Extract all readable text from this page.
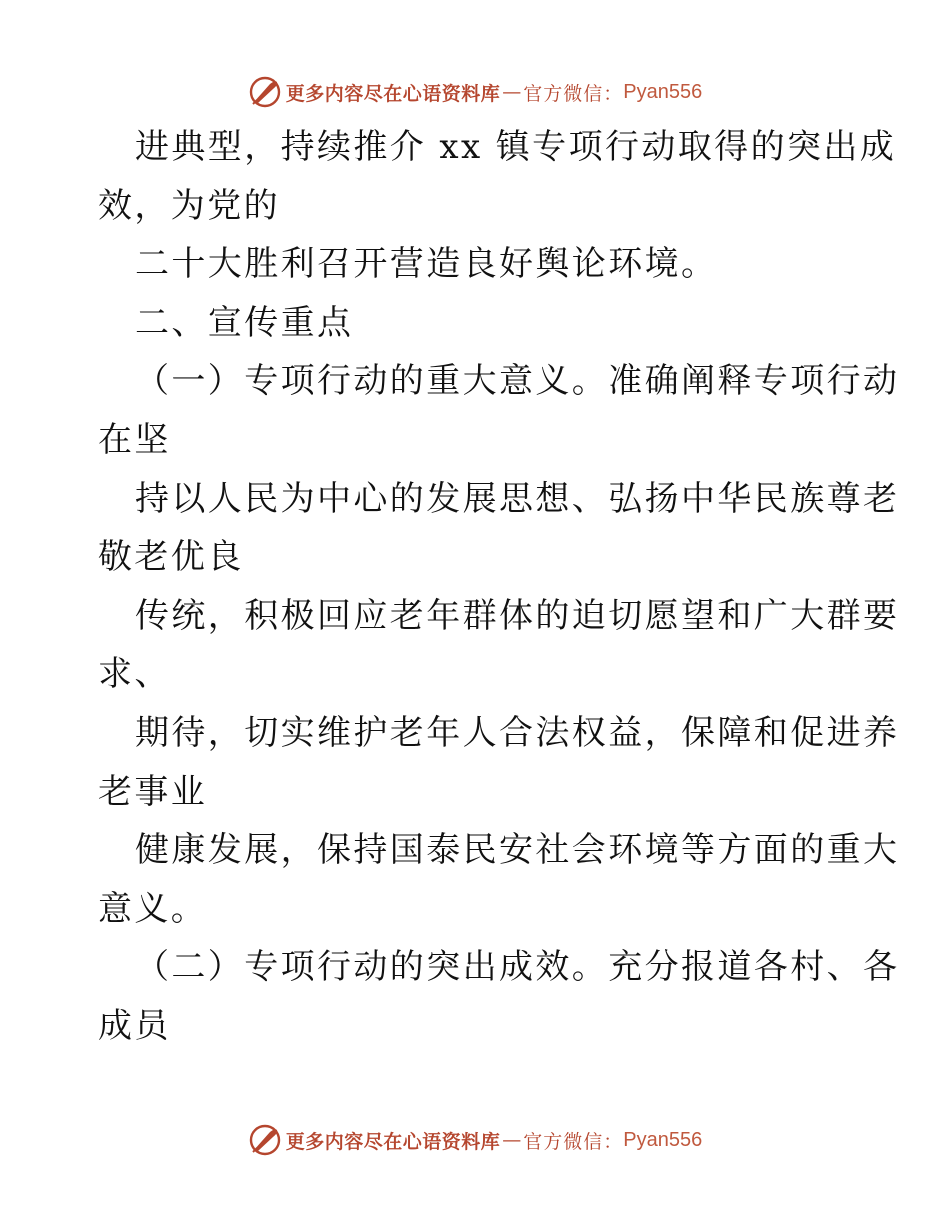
更多内容尽在心语资料库 — 官方微信： Pyan556
进典型，持续推介 xx 镇专项行动取得的突出成
效，为党的
二十大胜利召开营造良好舆论环境。
二、宣传重点
（一）专项行动的重大意义。准确阐释专项行动
在坚
持以人民为中心的发展思想、弘扬中华民族尊老
敬老优良
传统，积极回应老年群体的迫切愿望和广大群要
求、
期待，切实维护老年人合法权益，保障和促进养
老事业
健康发展，保持国泰民安社会环境等方面的重大
意义。
（二）专项行动的突出成效。充分报道各村、各
成员
更多内容尽在心语资料库 — 官方微信： Pyan556
